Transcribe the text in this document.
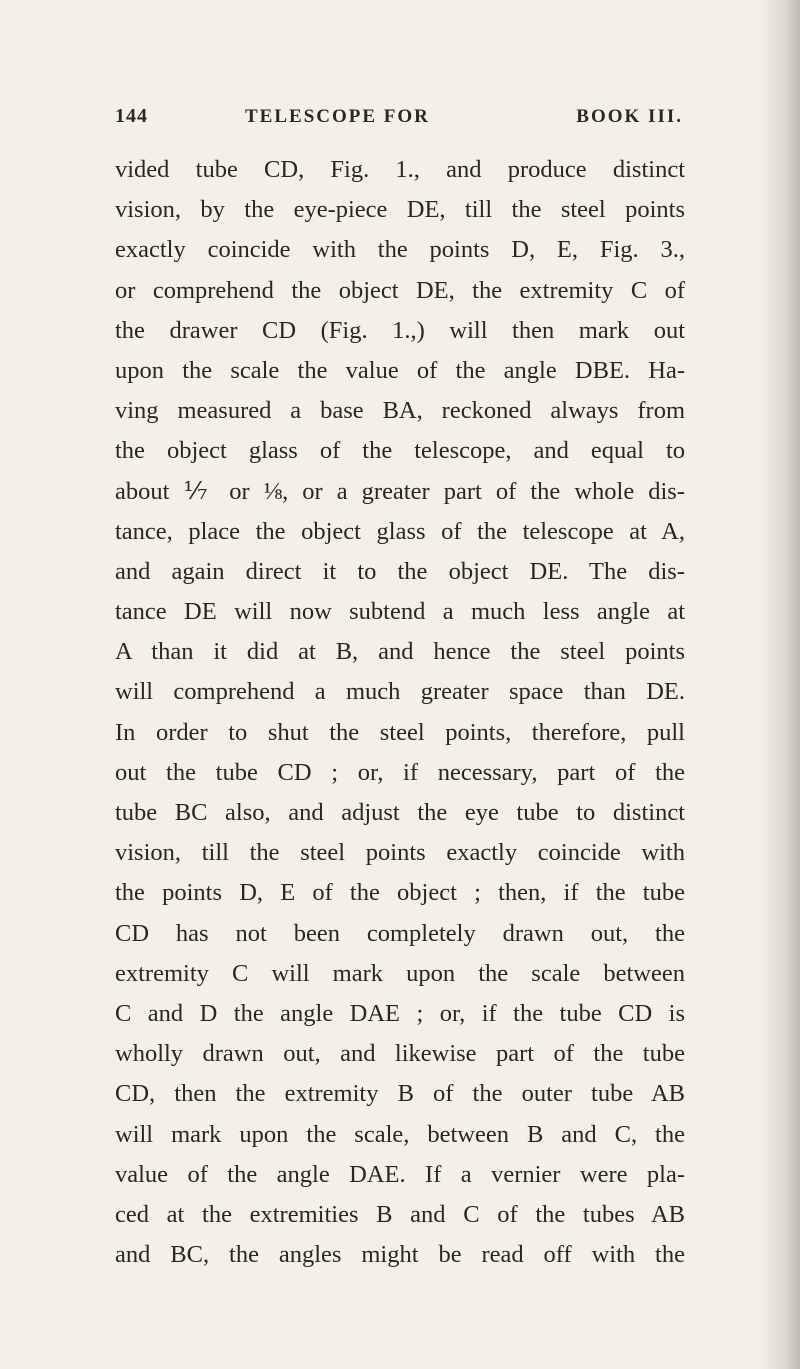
144	TELESCOPE FOR	BOOK III.
vided tube CD, Fig. 1., and produce distinct
vision, by the eye-piece DE, till the steel points
exactly coincide with the points D, E, Fig. 3.,
or comprehend the object DE, the extremity C of
the drawer CD (Fig. 1.,) will then mark out
upon the scale the value of the angle DBE. Ha-
ving measured a base BA, reckoned always from
the object glass of the telescope, and equal to
about ⅐ or ⅛, or a greater part of the whole dis-
tance, place the object glass of the telescope at A,
and again direct it to the object DE. The dis-
tance DE will now subtend a much less angle at
A than it did at B, and hence the steel points
will comprehend a much greater space than DE.
In order to shut the steel points, therefore, pull
out the tube CD ; or, if necessary, part of the
tube BC also, and adjust the eye tube to distinct
vision, till the steel points exactly coincide with
the points D, E of the object ; then, if the tube
CD has not been completely drawn out, the
extremity C will mark upon the scale between
C and D the angle DAE ; or, if the tube CD is
wholly drawn out, and likewise part of the tube
CD, then the extremity B of the outer tube AB
will mark upon the scale, between B and C, the
value of the angle DAE. If a vernier were pla-
ced at the extremities B and C of the tubes AB
and BC, the angles might be read off with the
